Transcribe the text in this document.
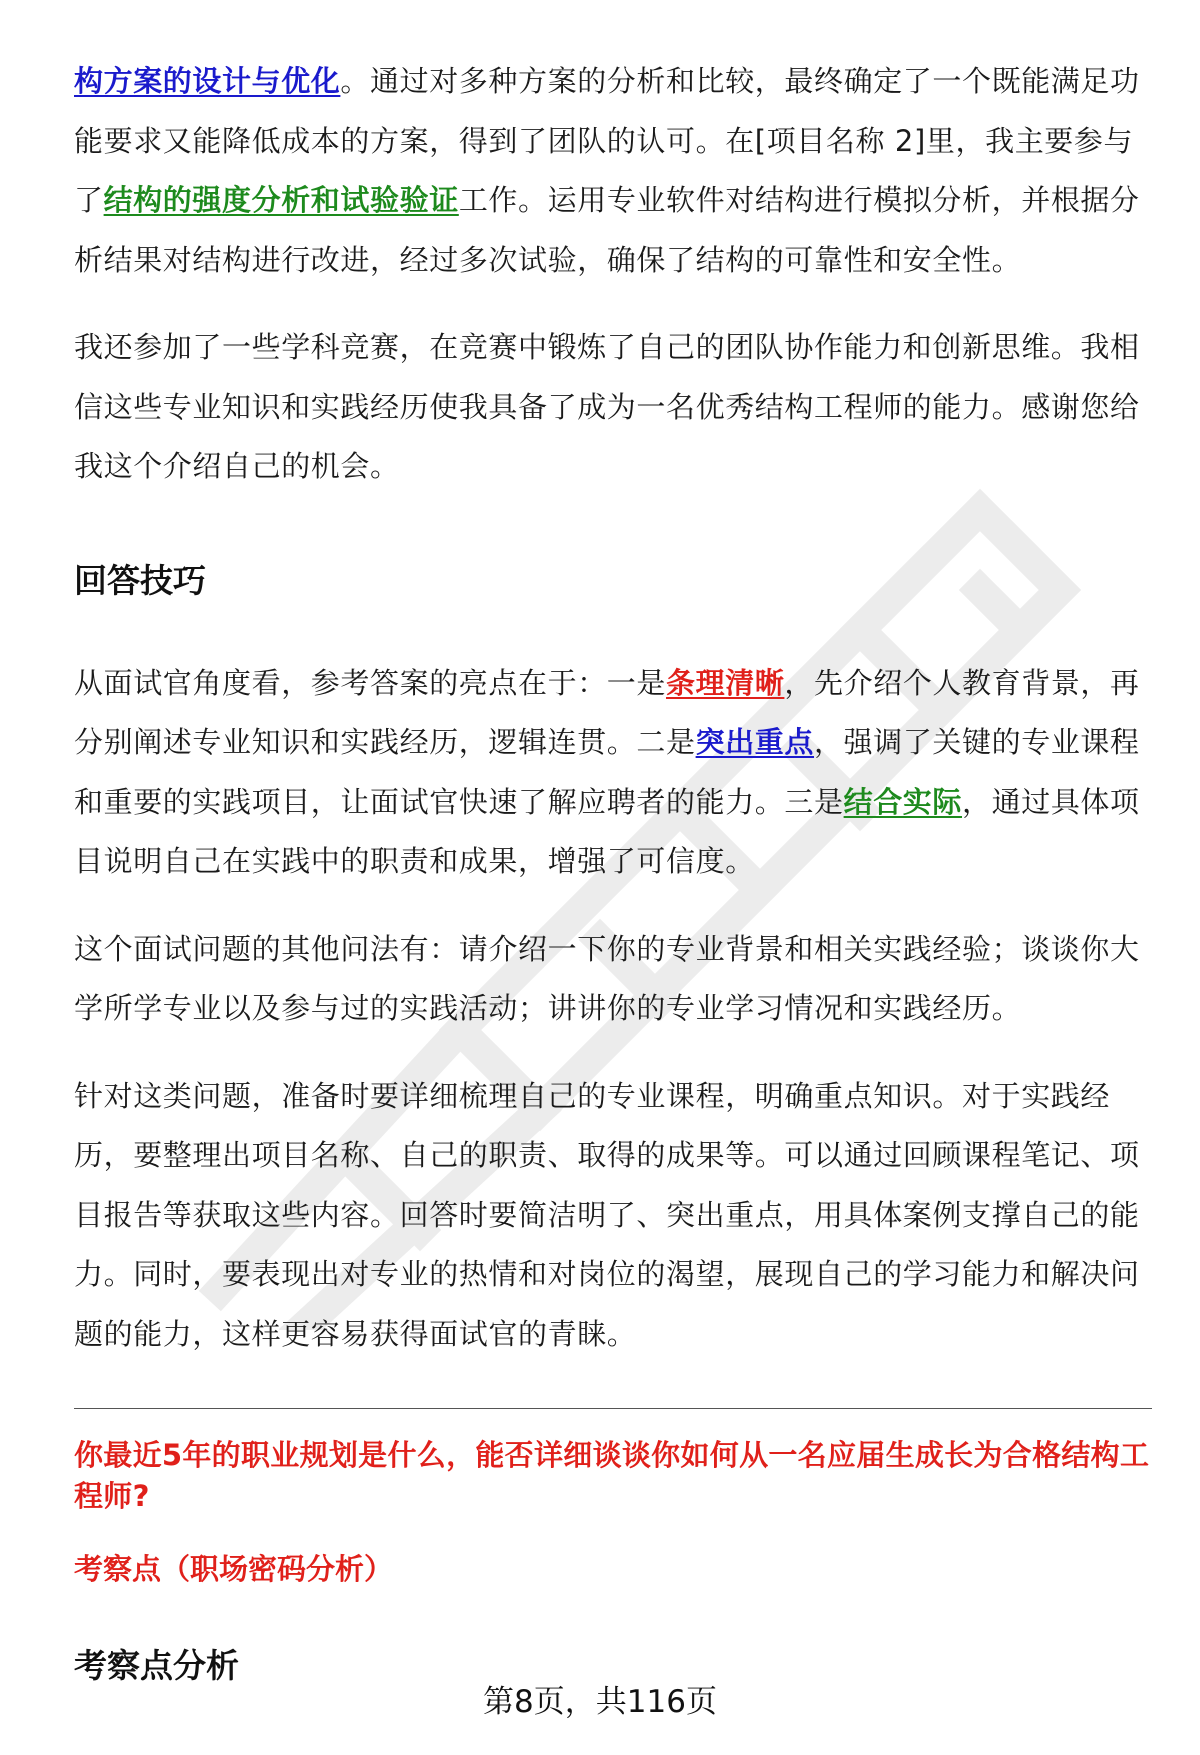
构方案的设计与优化。通过对多种方案的分析和比较，最终确定了一个既能满足功能要求又能降低成本的方案，得到了团队的认可。在[项目名称 2]里，我主要参与了结构的强度分析和试验验证工作。运用专业软件对结构进行模拟分析，并根据分析结果对结构进行改进，经过多次试验，确保了结构的可靠性和安全性。

我还参加了一些学科竞赛，在竞赛中锻炼了自己的团队协作能力和创新思维。我相信这些专业知识和实践经历使我具备了成为一名优秀结构工程师的能力。感谢您给我这个介绍自己的机会。

回答技巧

从面试官角度看，参考答案的亮点在于：一是条理清晰，先介绍个人教育背景，再分别阐述专业知识和实践经历，逻辑连贯。二是突出重点，强调了关键的专业课程和重要的实践项目，让面试官快速了解应聘者的能力。三是结合实际，通过具体项目说明自己在实践中的职责和成果，增强了可信度。

这个面试问题的其他问法有：请介绍一下你的专业背景和相关实践经验；谈谈你大学所学专业以及参与过的实践活动；讲讲你的专业学习情况和实践经历。

针对这类问题，准备时要详细梳理自己的专业课程，明确重点知识。对于实践经历，要整理出项目名称、自己的职责、取得的成果等。可以通过回顾课程笔记、项目报告等获取这些内容。回答时要简洁明了、突出重点，用具体案例支撑自己的能力。同时，要表现出对专业的热情和对岗位的渴望，展现自己的学习能力和解决问题的能力，这样更容易获得面试官的青睐。

你最近5年的职业规划是什么，能否详细谈谈你如何从一名应届生成长为合格结构工程师?

考察点（职场密码分析）

考察点分析
第8页，共116页
